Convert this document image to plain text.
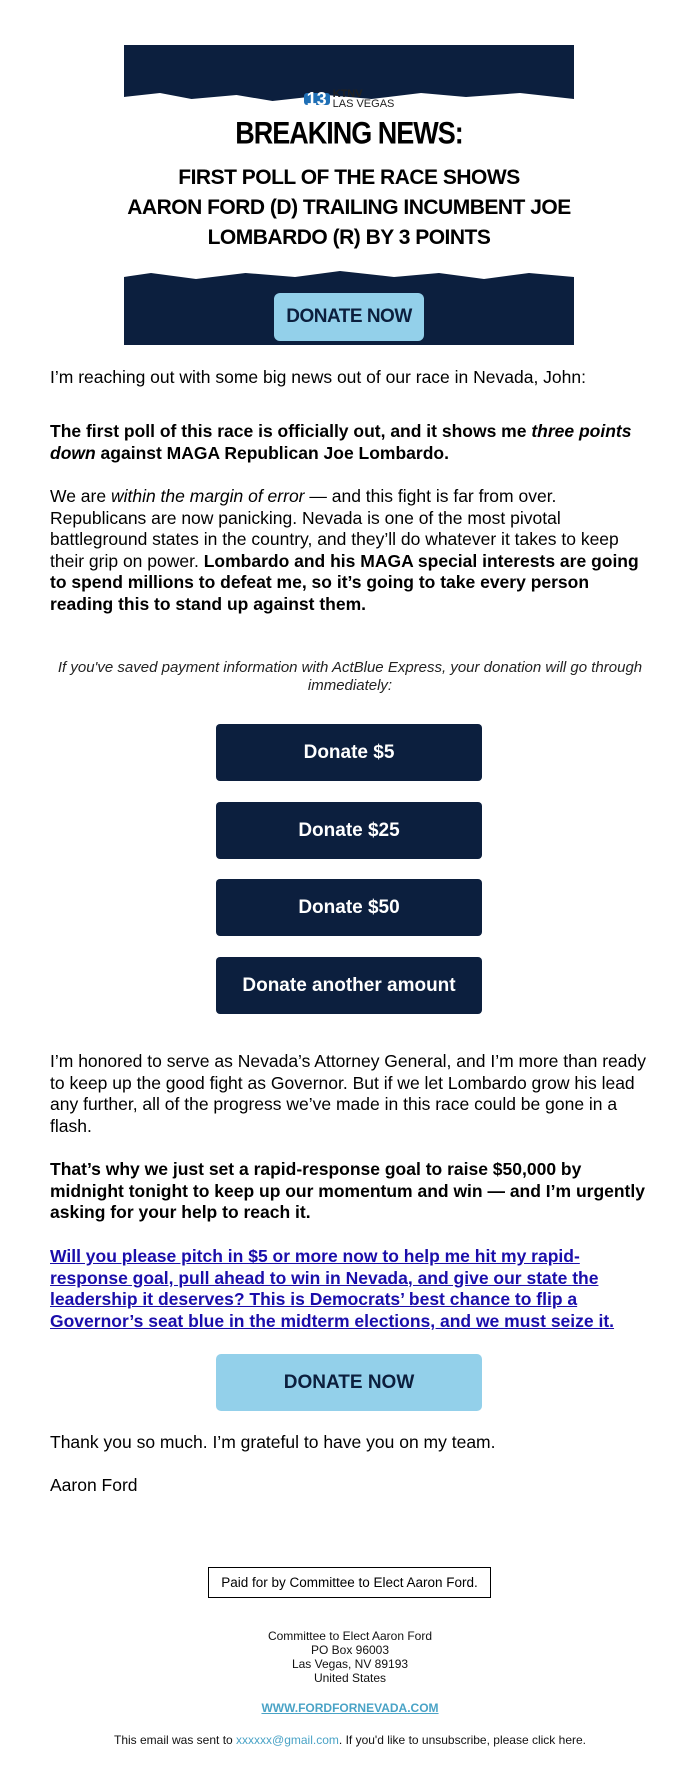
13 KTNV
LAS VEGAS
BREAKING NEWS:
FIRST POLL OF THE RACE SHOWS
AARON FORD (D) TRAILING INCUMBENT JOE
LOMBARDO (R) BY 3 POINTS
DONATE NOW
I’m reaching out with some big news out of our race in Nevada, John:
The first poll of this race is officially out, and it shows me three points down against MAGA Republican Joe Lombardo.
We are within the margin of error — and this fight is far from over. Republicans are now panicking. Nevada is one of the most pivotal battleground states in the country, and they’ll do whatever it takes to keep their grip on power. Lombardo and his MAGA special interests are going to spend millions to defeat me, so it’s going to take every person reading this to stand up against them.
If you've saved payment information with ActBlue Express, your donation will go through immediately:
Donate $5
Donate $25
Donate $50
Donate another amount
I’m honored to serve as Nevada’s Attorney General, and I’m more than ready to keep up the good fight as Governor. But if we let Lombardo grow his lead any further, all of the progress we’ve made in this race could be gone in a flash.
That’s why we just set a rapid-response goal to raise $50,000 by midnight tonight to keep up our momentum and win — and I’m urgently asking for your help to reach it.
Will you please pitch in $5 or more now to help me hit my rapid-response goal, pull ahead to win in Nevada, and give our state the leadership it deserves? This is Democrats’ best chance to flip a Governor’s seat blue in the midterm elections, and we must seize it.
DONATE NOW
Thank you so much. I’m grateful to have you on my team.
Aaron Ford
Paid for by Committee to Elect Aaron Ford.
Committee to Elect Aaron Ford
PO Box 96003
Las Vegas, NV 89193
United States
WWW.FORDFORNEVADA.COM
This email was sent to xxxxxx@gmail.com. If you'd like to unsubscribe, please click here.
